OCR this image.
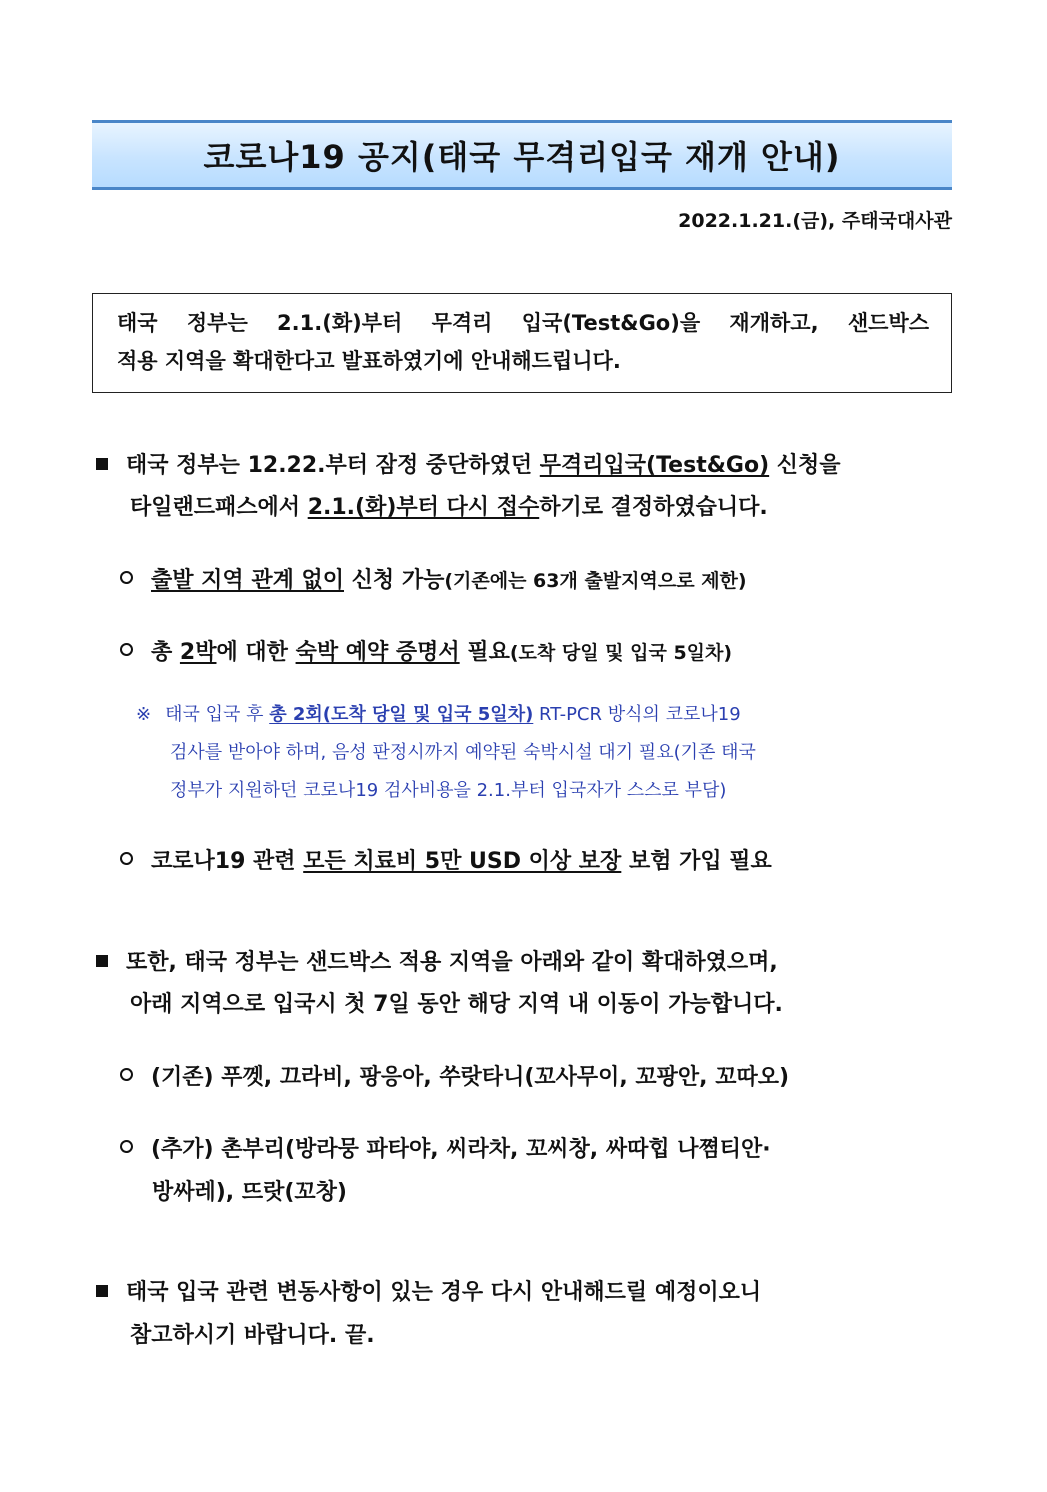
코로나19 공지(태국 무격리입국 재개 안내)
2022.1.21.(금), 주태국대사관
태국 정부는 2.1.(화)부터 무격리 입국(Test&Go)을 재개하고, 샌드박스
적용 지역을 확대한다고 발표하였기에 안내해드립니다.
태국 정부는 12.22.부터 잠정 중단하였던 무격리입국(Test&Go) 신청을
타일랜드패스에서 2.1.(화)부터 다시 접수하기로 결정하였습니다.
출발 지역 관계 없이 신청 가능(기존에는 63개 출발지역으로 제한)
총 2박에 대한 숙박 예약 증명서 필요(도착 당일 및 입국 5일차)
※ 태국 입국 후 총 2회(도착 당일 및 입국 5일차) RT-PCR 방식의 코로나19
검사를 받아야 하며, 음성 판정시까지 예약된 숙박시설 대기 필요(기존 태국
정부가 지원하던 코로나19 검사비용을 2.1.부터 입국자가 스스로 부담)
코로나19 관련 모든 치료비 5만 USD 이상 보장 보험 가입 필요
또한, 태국 정부는 샌드박스 적용 지역을 아래와 같이 확대하였으며,
아래 지역으로 입국시 첫 7일 동안 해당 지역 내 이동이 가능합니다.
(기존) 푸껫, 끄라비, 팡응아, 쑤랏타니(꼬사무이, 꼬팡안, 꼬따오)
(추가) 촌부리(방라뭉 파타야, 씨라차, 꼬씨창, 싸따힙 나쪔티안·
방싸레), 뜨랏(꼬창)
태국 입국 관련 변동사항이 있는 경우 다시 안내해드릴 예정이오니
참고하시기 바랍니다. 끝.
